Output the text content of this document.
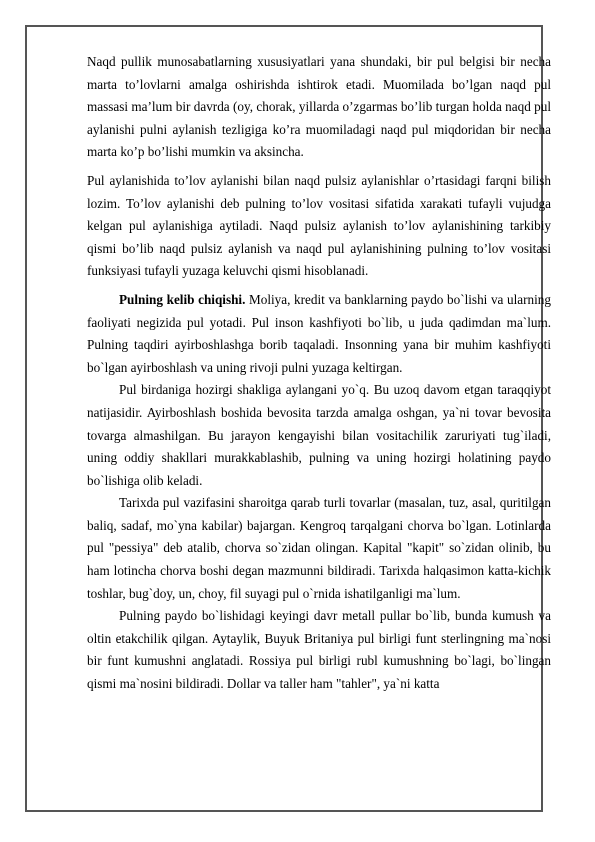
Naqd pullik munosabatlarning xususiyatlari yana shundaki, bir pul belgisi bir necha marta to’lovlarni amalga oshirishda ishtirok etadi. Muomilada bo’lgan naqd pul massasi ma’lum bir davrda (oy, chorak, yillarda o’zgarmas bo’lib turgan holda naqd pul aylanishi pulni aylanish tezligiga ko’ra muomiladagi naqd pul miqdoridan bir necha marta ko’p bo’lishi mumkin va aksincha.

Pul aylanishida to’lov aylanishi bilan naqd pulsiz aylanishlar o’rtasidagi farqni bilish lozim. To’lov aylanishi deb pulning to’lov vositasi sifatida xarakati tufayli vujudga kelgan pul aylanishiga aytiladi. Naqd pulsiz aylanish to’lov aylanishining tarkibiy qismi bo’lib naqd pulsiz aylanish va naqd pul aylanishining pulning to’lov vositasi funksiyasi tufayli yuzaga keluvchi qismi hisoblanadi.

Pulning kelib chiqishi. Moliya, kredit va banklarning paydo bo`lishi va ularning faoliyati negizida pul yotadi. Pul inson kashfiyoti bo`lib, u juda qadimdan ma`lum. Pulning taqdiri ayirboshlashga borib taqaladi. Insonning yana bir muhim kashfiyoti bo`lgan ayirboshlash va uning rivoji pulni yuzaga keltirgan.

Pul birdaniga hozirgi shakliga aylangani yo`q. Bu uzoq davom etgan taraqqiyot natijasidir. Ayirboshlash boshida bevosita tarzda amalga oshgan, ya`ni tovar bevosita tovarga almashilgan. Bu jarayon kengayishi bilan vositachilik zaruriyati tug`iladi, uning oddiy shakllari murakkablashib, pulning va uning hozirgi holatining paydo bo`lishiga olib keladi.

Tarixda pul vazifasini sharoitga qarab turli tovarlar (masalan, tuz, asal, quritilgan baliq, sadaf, mo`yna kabilar) bajargan. Kengroq tarqalgani chorva bo`lgan. Lotinlarda pul "pessiya" deb atalib, chorva so`zidan olingan. Kapital "kapit" so`zidan olinib, bu ham lotincha chorva boshi degan mazmunni bildiradi. Tarixda halqasimon katta-kichik toshlar, bug`doy, un, choy, fil suyagi pul o`rnida ishatilganligi ma`lum.

Pulning paydo bo`lishidagi keyingi davr metall pullar bo`lib, bunda kumush va oltin etakchilik qilgan. Aytaylik, Buyuk Britaniya pul birligi funt sterlingning ma`nosi bir funt kumushni anglatadi. Rossiya pul birligi rubl kumushning bo`lagi, bo`lingan qismi ma`nosini bildiradi. Dollar va taller ham "tahler", ya`ni katta
